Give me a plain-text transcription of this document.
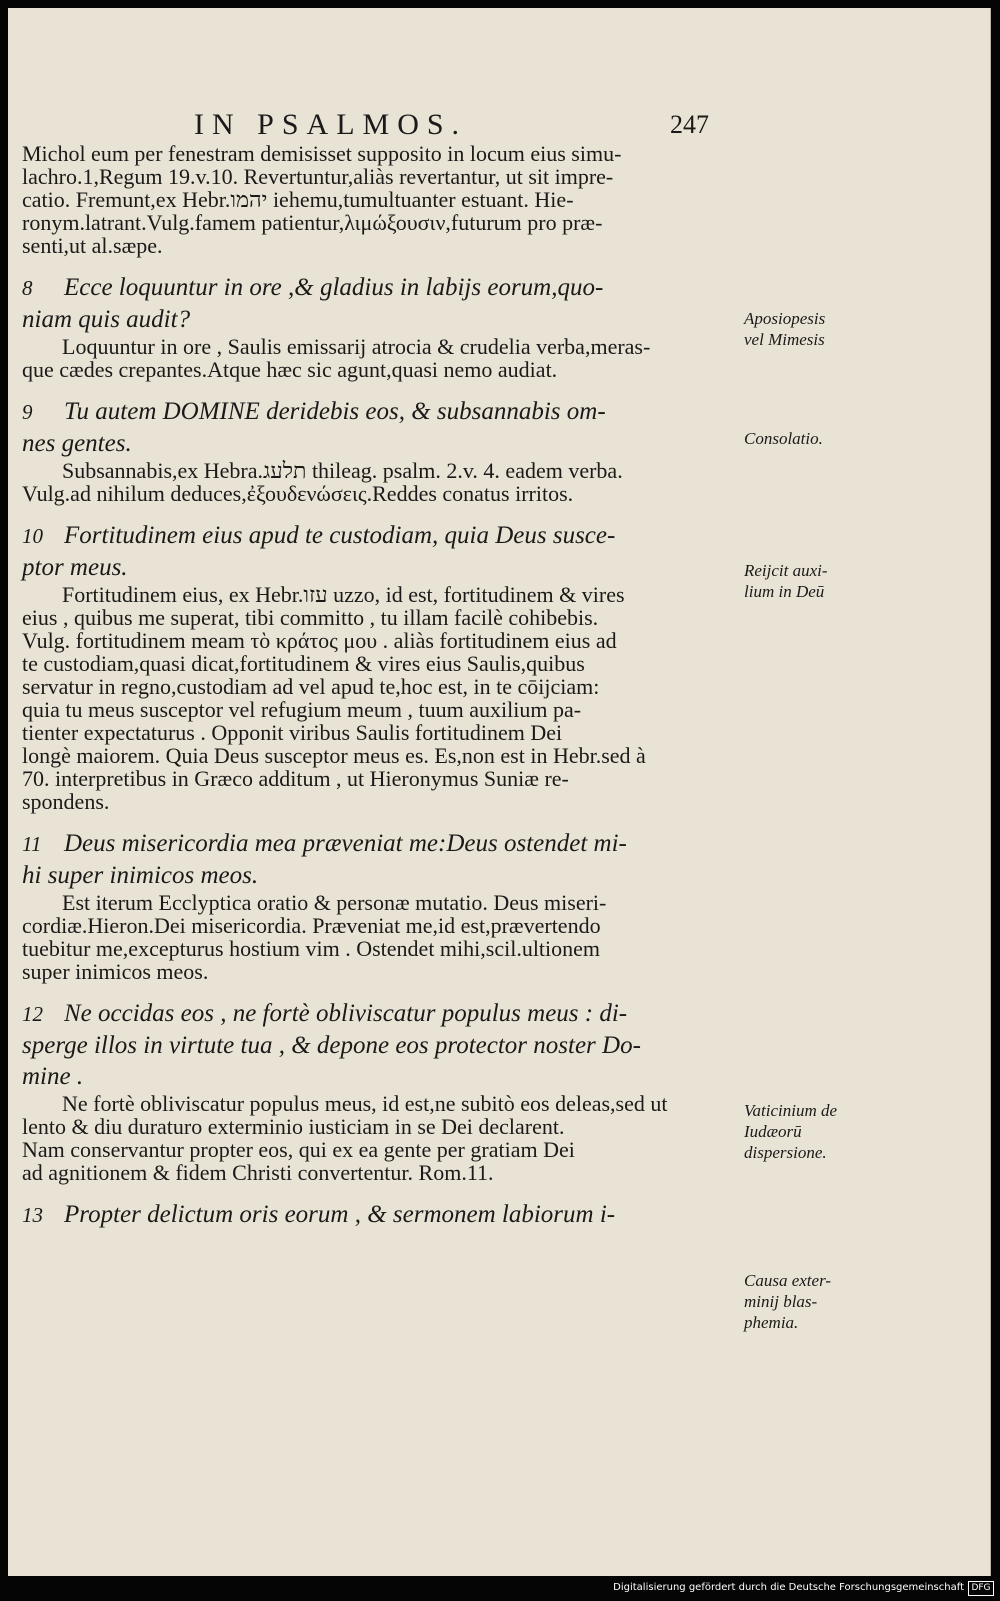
IN PSALMOS.	247
Michol eum per fenestram demisisset supposito in locum eius simu-
lachro.1,Regum 19.v.10. Revertuntur,aliàs revertantur, ut sit impre-
catio. Fremunt,ex Hebr.יהמו iehemu,tumultuanter estuant. Hie-
ronym.latrant.Vulg.famem patientur,λιμώξουσιν,futurum pro præ-
senti,ut al.sæpe.
8 Ecce loquuntur in ore ,& gladius in labijs eorum,quo-
niam quis audit?
Loquuntur in ore , Saulis emissarij atrocia & crudelia verba,meras-
que cædes crepantes.Atque hæc sic agunt,quasi nemo audiat.
9 Tu autem DOMINE deridebis eos, & subsannabis om-
nes gentes.
Subsannabis,ex Hebra.תלעג thileag. psalm. 2.v. 4. eadem verba.
Vulg.ad nihilum deduces,ἐξουδενώσεις.Reddes conatus irritos.
10 Fortitudinem eius apud te custodiam, quia Deus susce-
ptor meus.
Fortitudinem eius, ex Hebr.עזו uzzo, id est, fortitudinem & vires
eius , quibus me superat, tibi committo , tu illam facilè cohibebis.
Vulg. fortitudinem meam τὸ κράτος μου . aliàs fortitudinem eius ad
te custodiam,quasi dicat,fortitudinem & vires eius Saulis,quibus
servatur in regno,custodiam ad vel apud te,hoc est, in te cōijciam:
quia tu meus susceptor vel refugium meum , tuum auxilium pa-
tienter expectaturus . Opponit viribus Saulis fortitudinem Dei
longè maiorem. Quia Deus susceptor meus es. Es,non est in Hebr.sed à
70. interpretibus in Græco additum , ut Hieronymus Suniæ re-
spondens.
11 Deus misericordia mea præveniat me:Deus ostendet mi-
hi super inimicos meos.
Est iterum Ecclyptica oratio & personæ mutatio. Deus miseri-
cordiæ.Hieron.Dei misericordia. Præveniat me,id est,prævertendo
tuebitur me,excepturus hostium vim . Ostendet mihi,scil.ultionem
super inimicos meos.
12 Ne occidas eos , ne fortè obliviscatur populus meus : di-
sperge illos in virtute tua , & depone eos protector noster Do-
mine .
Ne fortè obliviscatur populus meus, id est,ne subitò eos deleas,sed ut
lento & diu duraturo exterminio iusticiam in se Dei declarent.
Nam conservantur propter eos, qui ex ea gente per gratiam Dei
ad agnitionem & fidem Christi convertentur. Rom.11.
13 Propter delictum oris eorum , & sermonem labiorum i-
Aposiopesis vel Mimesis
Consolatio.
Reijcit auxi- lium in Deū
Vaticinium de Iudæorū dispersione.
Causa exter- minij blas- phemia.
Digitalisierung gefördert durch die Deutsche Forschungsgemeinschaft DFG
